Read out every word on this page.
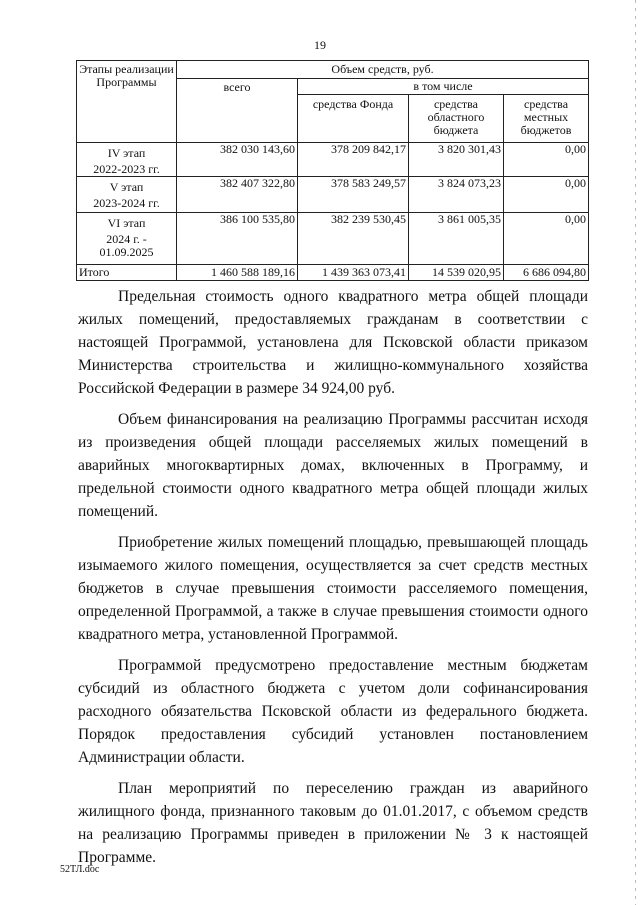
19
Этапы реализации Программы	Объем средств, руб.			
	всего	в том числе		
		средства Фонда	средства областного бюджета	средства местных бюджетов

IV этап
2022-2023 гг.	382 030 143,60	378 209 842,17	3 820 301,43	0,00

V этап
2023-2024 гг.	382 407 322,80	378 583 249,57	3 824 073,23	0,00

VI этап
2024 г. -
01.09.2025	386 100 535,80	382 239 530,45	3 861 005,35	0,00
Итого	1 460 588 189,16	1 439 363 073,41	14 539 020,95	6 686 094,80

Предельная стоимость одного квадратного метра общей площади жилых помещений, предоставляемых гражданам в соответствии с настоящей Программой, установлена для Псковской области приказом Министерства строительства и жилищно-коммунального хозяйства Российской Федерации в размере 34 924,00 руб.

Объем финансирования на реализацию Программы рассчитан исходя из произведения общей площади расселяемых жилых помещений в аварийных многоквартирных домах, включенных в Программу, и предельной стоимости одного квадратного метра общей площади жилых помещений.

Приобретение жилых помещений площадью, превышающей площадь изымаемого жилого помещения, осуществляется за счет средств местных бюджетов в случае превышения стоимости расселяемого помещения, определенной Программой, а также в случае превышения стоимости одного квадратного метра, установленной Программой.

Программой предусмотрено предоставление местным бюджетам субсидий из областного бюджета с учетом доли софинансирования расходного обязательства Псковской области из федерального бюджета. Порядок предоставления субсидий установлен постановлением Администрации области.

План мероприятий по переселению граждан из аварийного жилищного фонда, признанного таковым до 01.01.2017, с объемом средств на реализацию Программы приведен в приложении № 3 к настоящей Программе.

52ТЛ.doc
